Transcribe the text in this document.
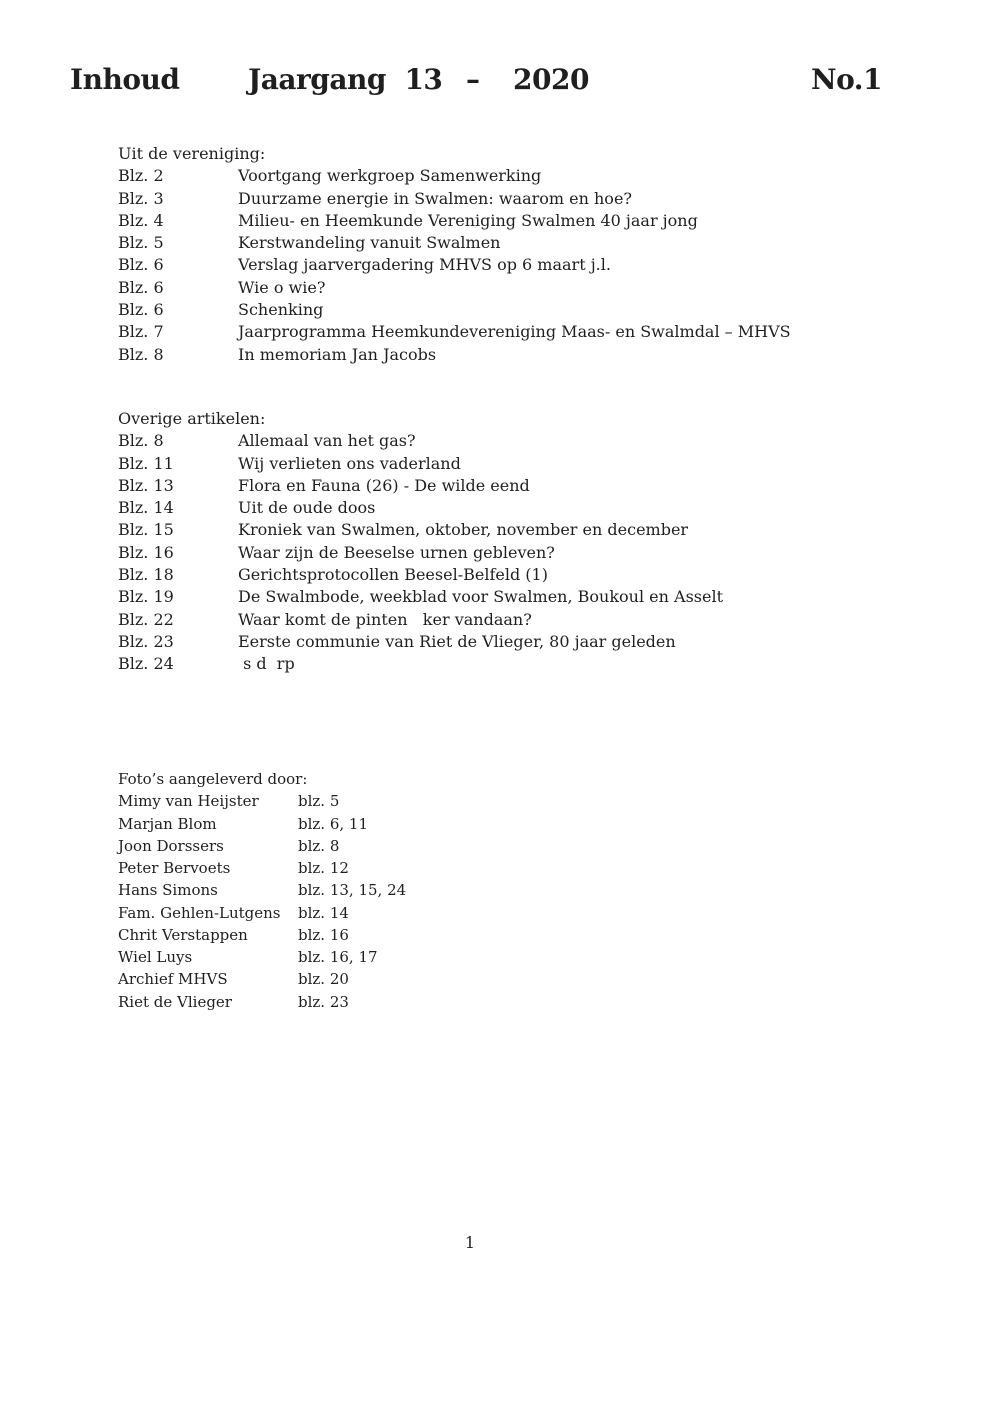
Inhoud Jaargang  13 – 2020	No.1
Uit de vereniging:
Blz. 2	Voortgang werkgroep Samenwerking
Blz. 3	Duurzame energie in Swalmen: waarom en hoe?
Blz. 4	Milieu- en Heemkunde Vereniging Swalmen 40 jaar jong
Blz. 5	Kerstwandeling vanuit Swalmen
Blz. 6	Verslag jaarvergadering MHVS op 6 maart j.l.
Blz. 6	Wie o wie?
Blz. 6	Schenking
Blz. 7	Jaarprogramma Heemkundevereniging Maas- en Swalmdal – MHVS
Blz. 8	In memoriam Jan Jacobs
Overige artikelen:
Blz. 8	Allemaal van het gas?
Blz. 11	Wij verlieten ons vaderland
Blz. 13	Flora en Fauna (26) - De wilde eend
Blz. 14	Uit de oude doos
Blz. 15	Kroniek van Swalmen, oktober, november en december
Blz. 16	Waar zijn de Beeselse urnen gebleven?
Blz. 18	Gerichtsprotocollen Beesel-Belfeld (1)
Blz. 19	De Swalmbode, weekblad voor Swalmen, Boukoul en Asselt
Blz. 22	Waar komt de pinten   ker vandaan?
Blz. 23	Eerste communie van Riet de Vlieger, 80 jaar geleden
Blz. 24	s d  rp
Foto’s aangeleverd door:
Mimy van Heijster	blz. 5
Marjan Blom	blz. 6, 11
Joon Dorssers	blz. 8
Peter Bervoets	blz. 12
Hans Simons	blz. 13, 15, 24
Fam. Gehlen-Lutgens	blz. 14
Chrit Verstappen	blz. 16
Wiel Luys	blz. 16, 17
Archief MHVS	blz. 20
Riet de Vlieger	blz. 23
1
